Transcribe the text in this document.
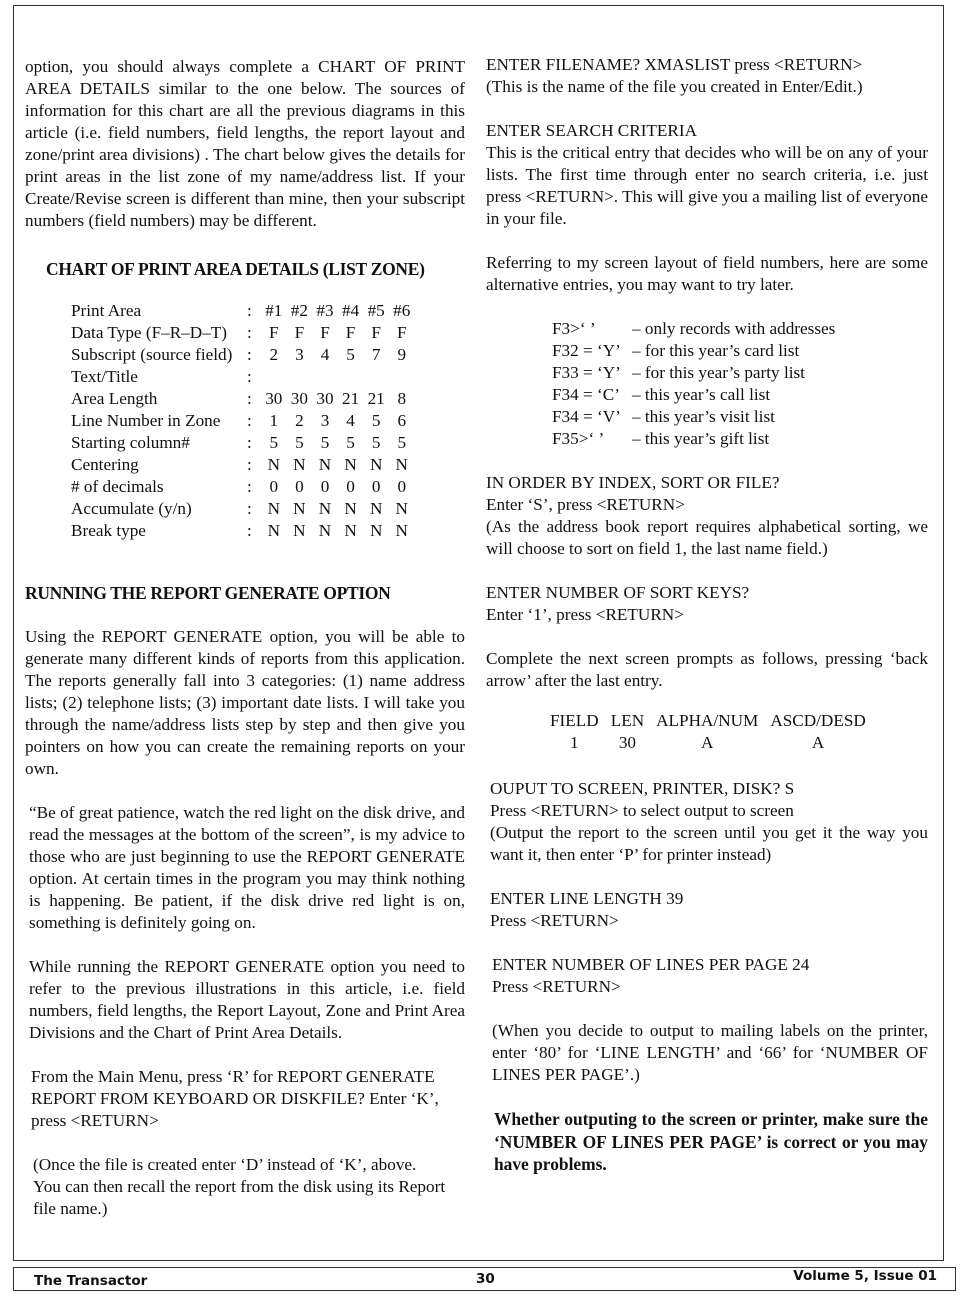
option, you should always complete a CHART OF PRINT AREA DETAILS similar to the one below. The sources of information for this chart are all the previous diagrams in this article (i.e. field numbers, field lengths, the report layout and zone/print area divisions) . The chart below gives the details for print areas in the list zone of my name/address list. If your Create/Revise screen is different than mine, then your subscript numbers (field numbers) may be different.

CHART OF PRINT AREA DETAILS (LIST ZONE)

Print Area	:	#1	#2	#3	#4	#5	#6
Data Type (F–R–D–T)	:	F	F	F	F	F	F
Subscript (source field)	:	2	3	4	5	7	9
Text/Title	:						
Area Length	:	30	30	30	21	21	8
Line Number in Zone	:	1	2	3	4	5	6
Starting column#	:	5	5	5	5	5	5
Centering	:	N	N	N	N	N	N
# of decimals	:	0	0	0	0	0	0
Accumulate (y/n)	:	N	N	N	N	N	N
Break type	:	N	N	N	N	N	N

RUNNING THE REPORT GENERATE OPTION

Using the REPORT GENERATE option, you will be able to generate many different kinds of reports from this application. The reports generally fall into 3 categories: (1) name address lists; (2) telephone lists; (3) important date lists. I will take you through the name/address lists step by step and then give you pointers on how you can create the remaining reports on your own.

“Be of great patience, watch the red light on the disk drive, and read the messages at the bottom of the screen”, is my advice to those who are just beginning to use the REPORT GENERATE option. At certain times in the program you may think nothing is happening. Be patient, if the disk drive red light is on, something is definitely going on.

While running the REPORT GENERATE option you need to refer to the previous illustrations in this article, i.e. field numbers, field lengths, the Report Layout, Zone and Print Area Divisions and the Chart of Print Area Details.

From the Main Menu, press ‘R’ for REPORT GENERATE

REPORT FROM KEYBOARD OR DISKFILE? Enter ‘K’, press <RETURN>

(Once the file is created enter ‘D’ instead of ‘K’, above.

You can then recall the report from the disk using its Report file name.)

ENTER FILENAME? XMASLIST press <RETURN>

(This is the name of the file you created in Enter/Edit.)

ENTER SEARCH CRITERIA

This is the critical entry that decides who will be on any of your lists. The first time through enter no search criteria, i.e. just press <RETURN>. This will give you a mailing list of everyone in your file.

Referring to my screen layout of field numbers, here are some alternative entries, you may want to try later.

F3>‘ ’	– only records with addresses
F32 = ‘Y’	– for this year’s card list
F33 = ‘Y’	– for this year’s party list
F34 = ‘C’	– this year’s call list
F34 = ‘V’	– this year’s visit list
F35>‘ ’	– this year’s gift list

IN ORDER BY INDEX, SORT OR FILE?

Enter ‘S’, press <RETURN>

(As the address book report requires alphabetical sorting, we will choose to sort on field 1, the last name field.)

ENTER NUMBER OF SORT KEYS?

Enter ‘1’, press <RETURN>

Complete the next screen prompts as follows, pressing ‘back arrow’ after the last entry.

FIELD	LEN	ALPHA/NUM	ASCD/DESD
1	30	A	A

OUPUT TO SCREEN, PRINTER, DISK? S

Press <RETURN> to select output to screen

(Output the report to the screen until you get it the way you want it, then enter ‘P’ for printer instead)

ENTER LINE LENGTH 39

Press <RETURN>

ENTER NUMBER OF LINES PER PAGE 24

Press <RETURN>

(When you decide to output to mailing labels on the printer, enter ‘80’ for ‘LINE LENGTH’ and ‘66’ for ‘NUMBER OF LINES PER PAGE’.)

Whether outputing to the screen or printer, make sure the ‘NUMBER OF LINES PER PAGE’ is correct or you may have problems.

The Transactor	30	Volume 5, Issue 01
